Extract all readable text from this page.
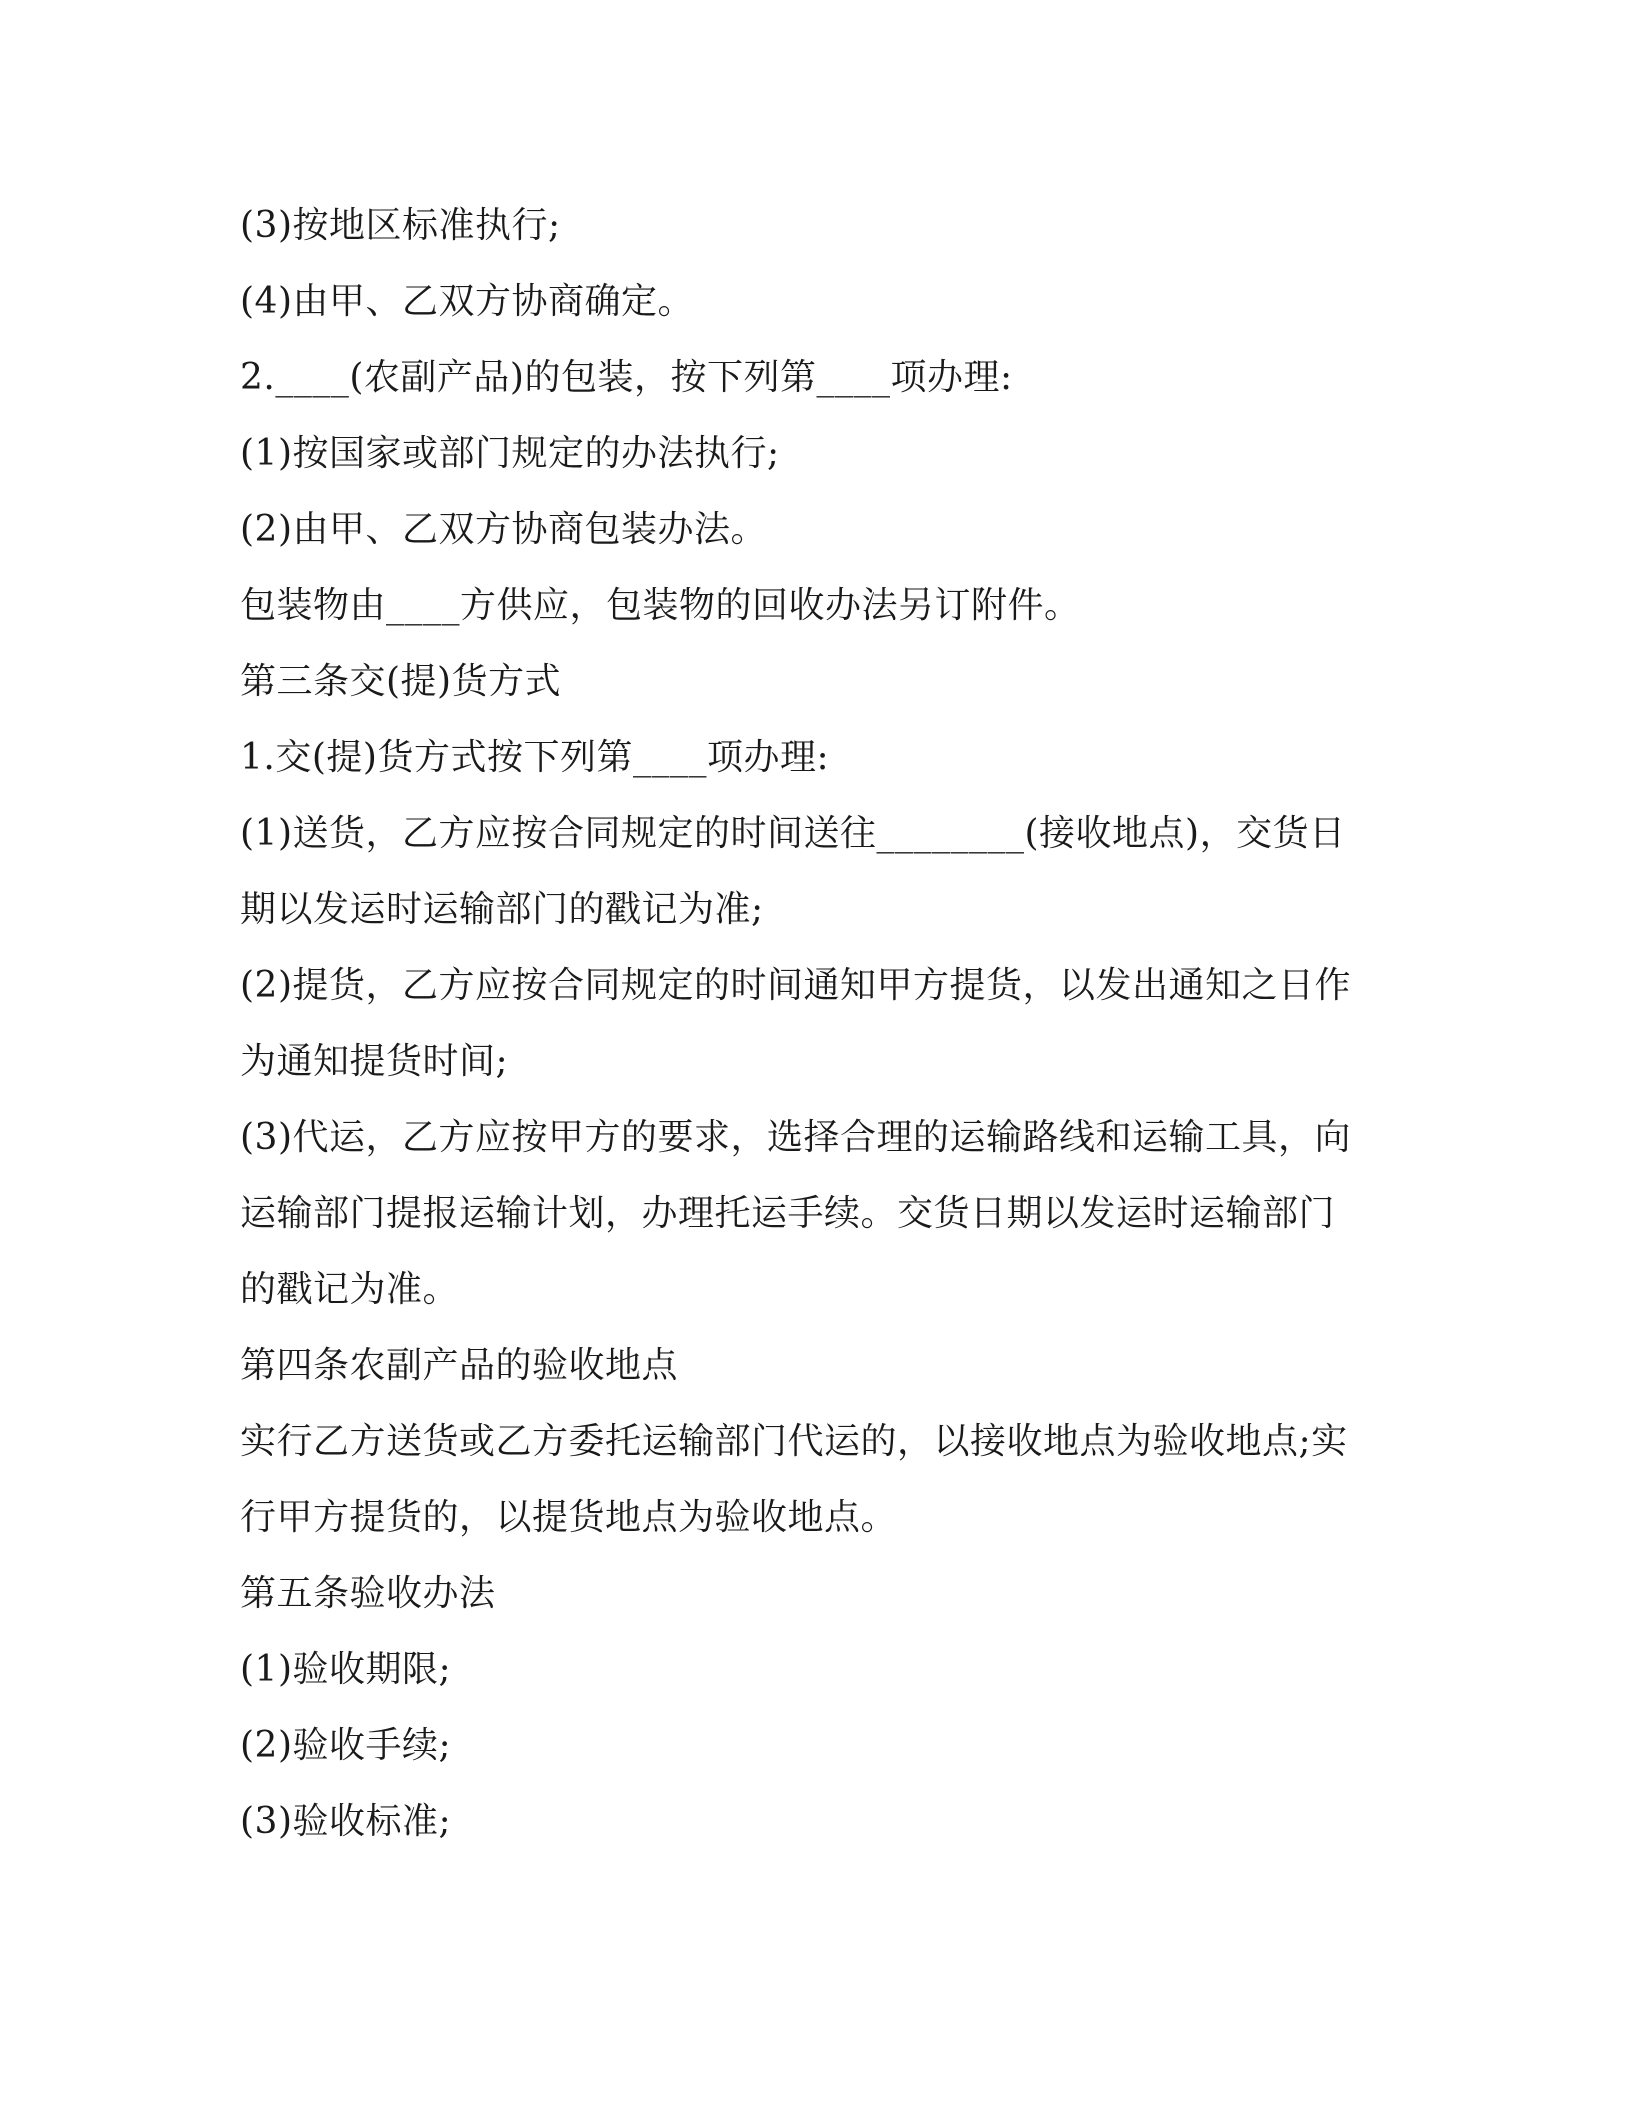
(3)按地区标准执行;
(4)由甲、乙双方协商确定。
2.____(农副产品)的包装，按下列第____项办理:
(1)按国家或部门规定的办法执行;
(2)由甲、乙双方协商包装办法。
包装物由____方供应，包装物的回收办法另订附件。
第三条交(提)货方式
1.交(提)货方式按下列第____项办理:
(1)送货，乙方应按合同规定的时间送往________(接收地点)，交货日
期以发运时运输部门的戳记为准;
(2)提货，乙方应按合同规定的时间通知甲方提货，以发出通知之日作
为通知提货时间;
(3)代运，乙方应按甲方的要求，选择合理的运输路线和运输工具，向
运输部门提报运输计划，办理托运手续。交货日期以发运时运输部门
的戳记为准。
第四条农副产品的验收地点
实行乙方送货或乙方委托运输部门代运的，以接收地点为验收地点;实
行甲方提货的，以提货地点为验收地点。
第五条验收办法
(1)验收期限;
(2)验收手续;
(3)验收标准;
